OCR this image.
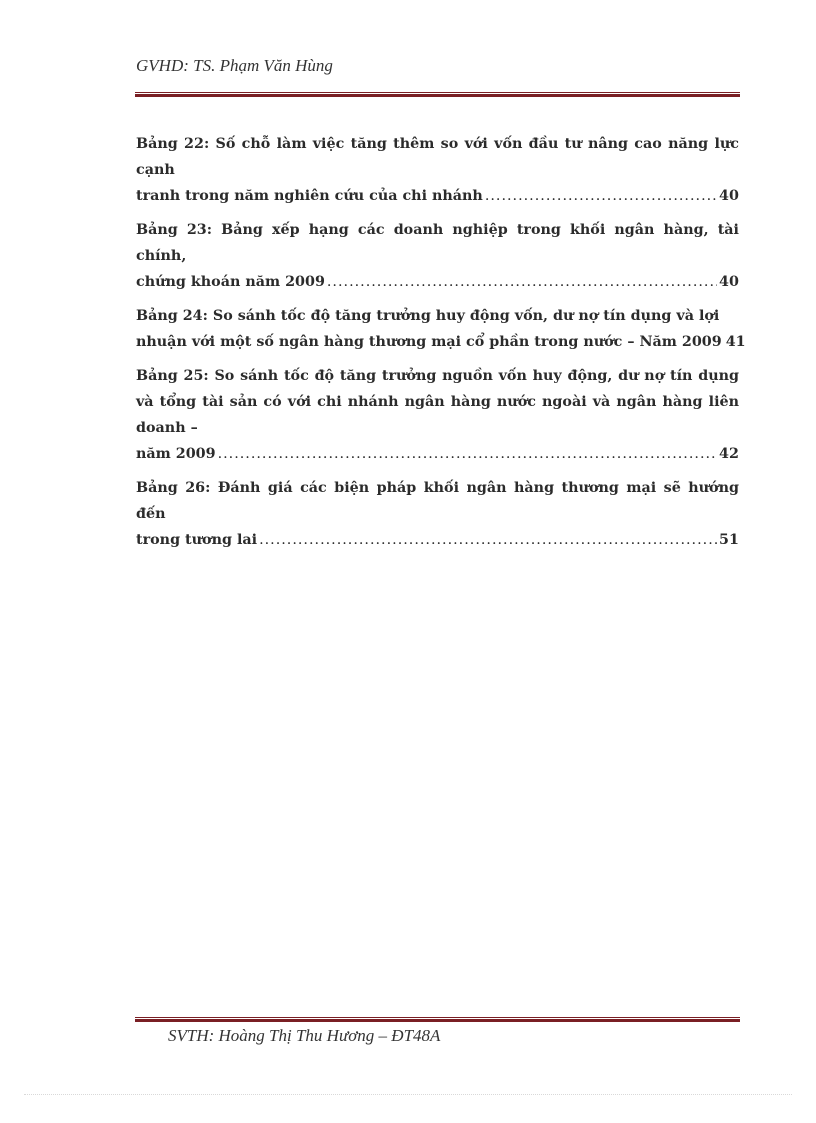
GVHD: TS. Phạm Văn Hùng
Bảng 22: Số chỗ làm việc tăng thêm so với vốn đầu tư nâng cao năng lực cạnh
tranh trong năm nghiên cứu của chi nhánh .....	40
Bảng 23: Bảng xếp hạng các doanh nghiệp trong khối ngân hàng, tài chính,
chứng khoán năm 2009 .....	40
Bảng 24: So sánh tốc độ tăng trưởng huy động vốn, dư nợ tín dụng và lợi
nhuận với một số ngân hàng thương mại cổ phần trong nước – Năm 2009 41
Bảng 25: So sánh tốc độ tăng trưởng nguồn vốn huy động, dư nợ tín dụng và tổng tài sản có với chi nhánh ngân hàng nước ngoài và ngân hàng liên doanh –
năm 2009 .....	42
Bảng 26: Đánh giá các biện pháp khối ngân hàng thương mại sẽ hướng đến
trong tương lai .....	51
SVTH: Hoàng Thị Thu Hương – ĐT48A
